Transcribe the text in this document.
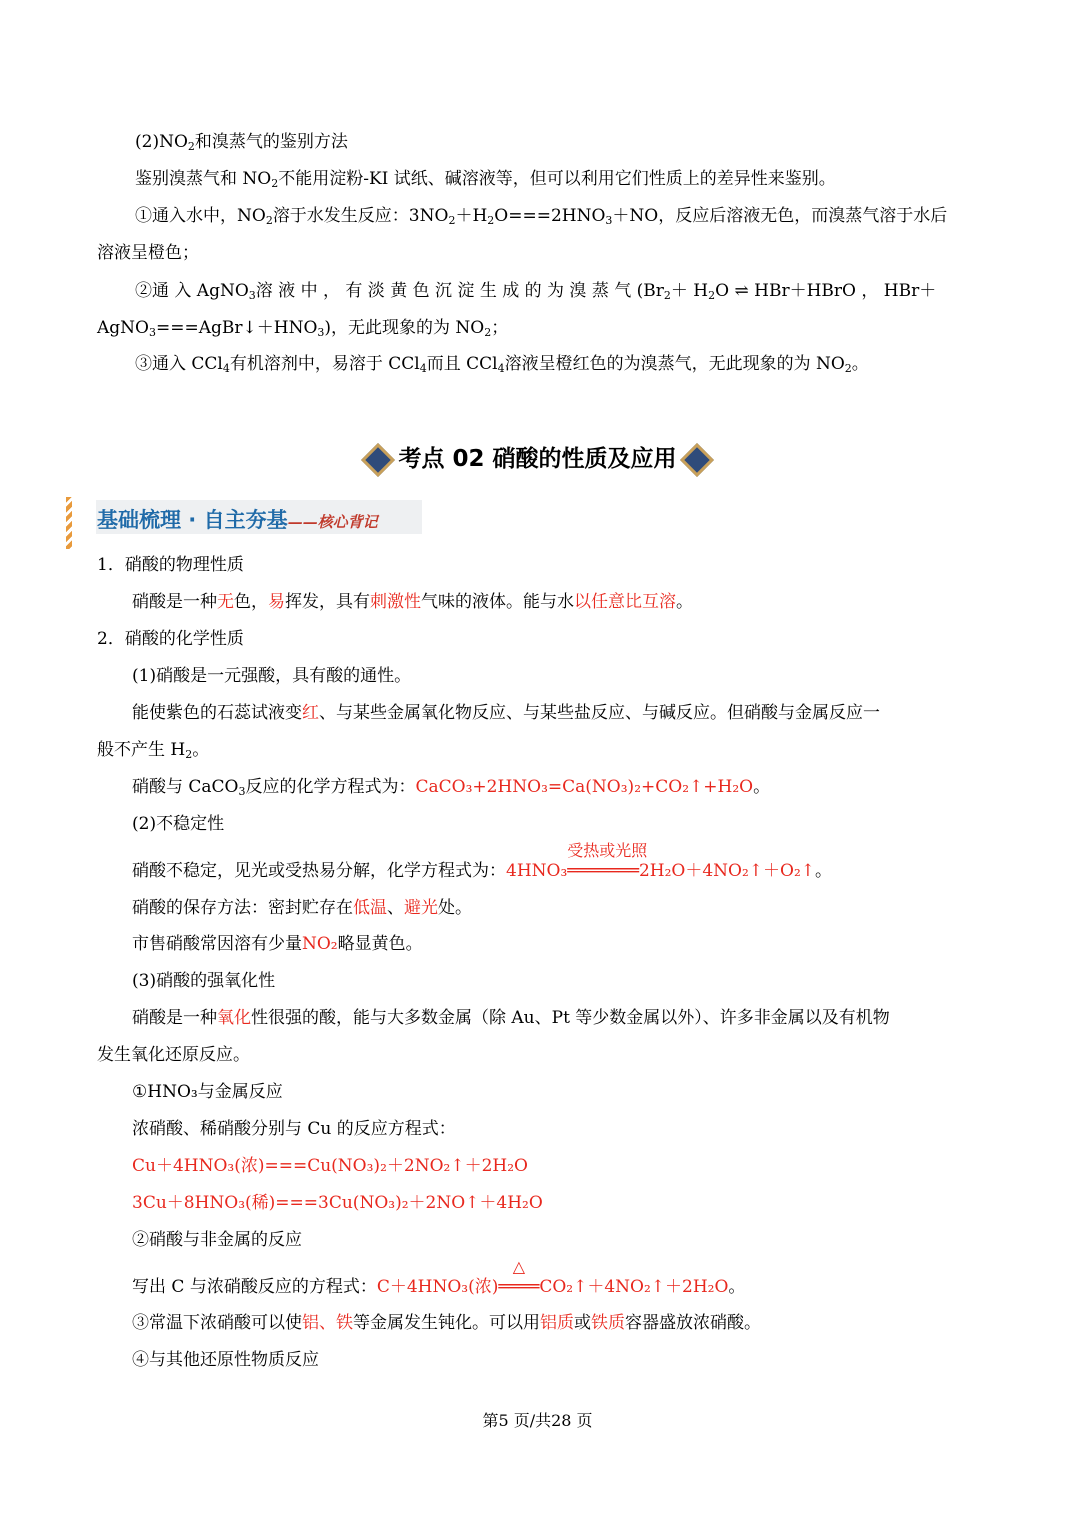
$(2)NO_2$和溴蒸气的鉴别方法
鉴别溴蒸气和 $NO_2$不能用淀粉-KI 试纸、碱溶液等，但可以利用它们性质上的差异性来鉴别。
①通入水中，$NO_2$溶于水发生反应：$3NO_2+H_2O===2HNO_3+NO$，反应后溶液无色，而溴蒸气溶于水后
溶液呈橙色；
②通 入 AgNO$_3$溶 液 中 ， 有 淡 黄 色 沉 淀 生 成 的 为 溴 蒸 气 ($Br_2+ H_2O$ ⇌ HBr＋HBrO ， HBr＋
$AgNO_3===AgBr↓+HNO_3$)，无此现象的为 $NO_2$；
③通入 CCl$_4$有机溶剂中，易溶于 CCl$_4$而且 CCl$_4$溶液呈橙红色的为溴蒸气，无此现象的为 $NO_2$。
考点 02 硝酸的性质及应用
基础梳理 · 自主夯基——核心背记
1．硝酸的物理性质
硝酸是一种无色，易挥发，具有刺激性气味的液体。能与水以任意比互溶。
2．硝酸的化学性质
(1)硝酸是一元强酸，具有酸的通性。
能使紫色的石蕊试液变红、与某些金属氧化物反应、与某些盐反应、与碱反应。但硝酸与金属反应一
般不产生 $H_2$。
硝酸与 CaCO$_3$反应的化学方程式为：CaCO₃+2HNO₃=Ca(NO₃)₂+CO₂↑+H₂O。
(2)不稳定性
硝酸不稳定，见光或受热易分解，化学方程式为：4HNO₃
受热或光照
═══════2H₂O＋4NO₂↑＋O₂↑。
硝酸的保存方法：密封贮存在低温、避光处。
市售硝酸常因溶有少量NO₂略显黄色。
(3)硝酸的强氧化性
硝酸是一种氧化性很强的酸，能与大多数金属（除 Au、Pt 等少数金属以外）、许多非金属以及有机物
发生氧化还原反应。
①HNO₃与金属反应
浓硝酸、稀硝酸分别与 Cu 的反应方程式：
Cu＋4HNO₃(浓)===Cu(NO₃)₂＋2NO₂↑＋2H₂O
3Cu＋8HNO₃(稀)===3Cu(NO₃)₂＋2NO↑＋4H₂O
②硝酸与非金属的反应
写出 C 与浓硝酸反应的方程式：C＋4HNO₃(浓)
△
════CO₂↑＋4NO₂↑＋2H₂O。
③常温下浓硝酸可以使铝、铁等金属发生钝化。可以用铝质或铁质容器盛放浓硝酸。
④与其他还原性物质反应
第5 页/共28 页
